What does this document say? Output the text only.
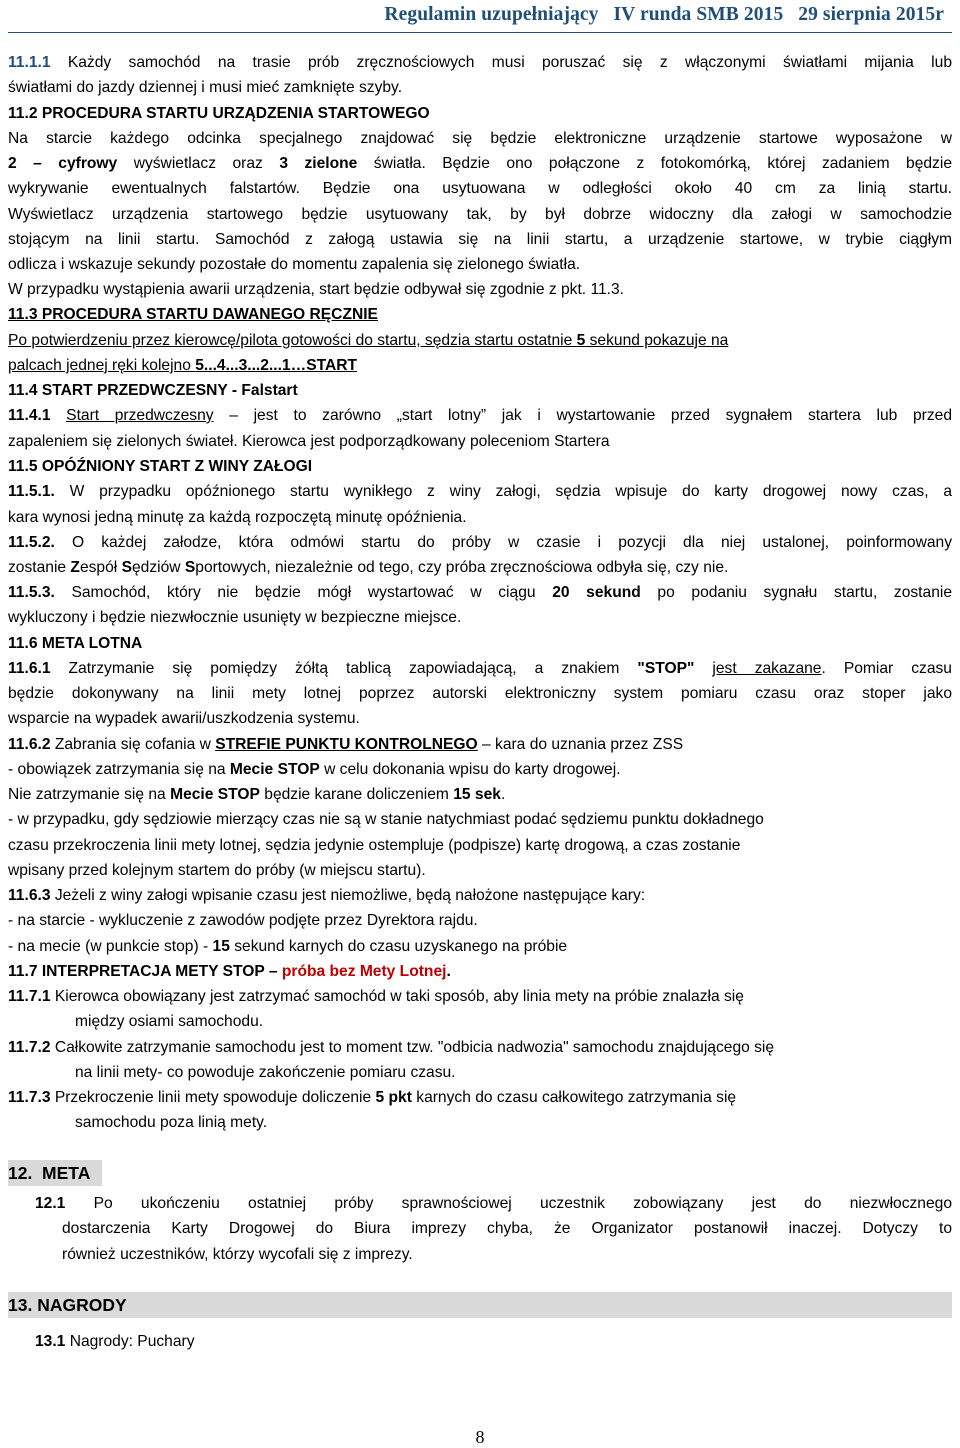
Regulamin uzupełniający   IV runda SMB 2015   29 sierpnia 2015r
11.1.1 Każdy samochód na trasie prób zręcznościowych musi poruszać się z włączonymi światłami mijania lub
światłami do jazdy dziennej i musi mieć zamknięte szyby.
11.2 PROCEDURA STARTU URZĄDZENIA STARTOWEGO
Na starcie każdego odcinka specjalnego znajdować się będzie elektroniczne urządzenie startowe wyposażone w
2 – cyfrowy wyświetlacz oraz 3 zielone światła. Będzie ono połączone z fotokomórką, której zadaniem będzie
wykrywanie ewentualnych falstartów. Będzie ona usytuowana w odległości około 40 cm za linią startu.
Wyświetlacz urządzenia startowego będzie usytuowany tak, by był dobrze widoczny dla załogi w samochodzie
stojącym na linii startu. Samochód z załogą ustawia się na linii startu, a urządzenie startowe, w trybie ciągłym
odlicza i wskazuje sekundy pozostałe do momentu zapalenia się zielonego światła.
W przypadku wystąpienia awarii urządzenia, start będzie odbywał się zgodnie z pkt. 11.3.
11.3 PROCEDURA STARTU DAWANEGO RĘCZNIE
Po potwierdzeniu przez kierowcę/pilota gotowości do startu, sędzia startu ostatnie 5 sekund pokazuje na
palcach jednej ręki kolejno 5...4...3...2...1…START
11.4 START PRZEDWCZESNY - Falstart
11.4.1 Start przedwczesny – jest to zarówno „start lotny” jak i wystartowanie przed sygnałem startera lub przed
zapaleniem się zielonych świateł. Kierowca jest podporządkowany poleceniom Startera
11.5 OPÓŹNIONY START Z WINY ZAŁOGI
11.5.1. W przypadku opóźnionego startu wynikłego z winy załogi, sędzia wpisuje do karty drogowej nowy czas, a
kara wynosi jedną minutę za każdą rozpoczętą minutę opóźnienia.
11.5.2. O każdej załodze, która odmówi startu do próby w czasie i pozycji dla niej ustalonej, poinformowany
zostanie Zespół Sędziów Sportowych, niezależnie od tego, czy próba zręcznościowa odbyła się, czy nie.
11.5.3. Samochód, który nie będzie mógł wystartować w ciągu 20 sekund po podaniu sygnału startu, zostanie
wykluczony i będzie niezwłocznie usunięty w bezpieczne miejsce.
11.6 META LOTNA
11.6.1 Zatrzymanie się pomiędzy żółtą tablicą zapowiadającą, a znakiem "STOP" jest zakazane. Pomiar czasu
będzie dokonywany na linii mety lotnej poprzez autorski elektroniczny system pomiaru czasu oraz stoper jako
wsparcie na wypadek awarii/uszkodzenia systemu.
11.6.2 Zabrania się cofania w STREFIE PUNKTU KONTROLNEGO – kara do uznania przez ZSS
- obowiązek zatrzymania się na Mecie STOP w celu dokonania wpisu do karty drogowej.
Nie zatrzymanie się na Mecie STOP będzie karane doliczeniem 15 sek.
- w przypadku, gdy sędziowie mierzący czas nie są w stanie natychmiast podać sędziemu punktu dokładnego
czasu przekroczenia linii mety lotnej, sędzia jedynie ostempluje (podpisze) kartę drogową, a czas zostanie
wpisany przed kolejnym startem do próby (w miejscu startu).
11.6.3 Jeżeli z winy załogi wpisanie czasu jest niemożliwe, będą nałożone następujące kary:
- na starcie - wykluczenie z zawodów podjęte przez Dyrektora rajdu.
- na mecie (w punkcie stop) - 15 sekund karnych do czasu uzyskanego na próbie
11.7 INTERPRETACJA METY STOP – próba bez Mety Lotnej.
11.7.1 Kierowca obowiązany jest zatrzymać samochód w taki sposób, aby linia mety na próbie znalazła się
między osiami samochodu.
11.7.2 Całkowite zatrzymanie samochodu jest to moment tzw. "odbicia nadwozia" samochodu znajdującego się
na linii mety- co powoduje zakończenie pomiaru czasu.
11.7.3 Przekroczenie linii mety spowoduje doliczenie 5 pkt karnych do czasu całkowitego zatrzymania się
samochodu poza linią mety.
12.  META
12.1 Po ukończeniu ostatniej próby sprawnościowej uczestnik zobowiązany jest do niezwłocznego
dostarczenia Karty Drogowej do Biura imprezy chyba, że Organizator postanowił inaczej. Dotyczy to
również uczestników, którzy wycofali się z imprezy.
13. NAGRODY
13.1 Nagrody: Puchary
8
